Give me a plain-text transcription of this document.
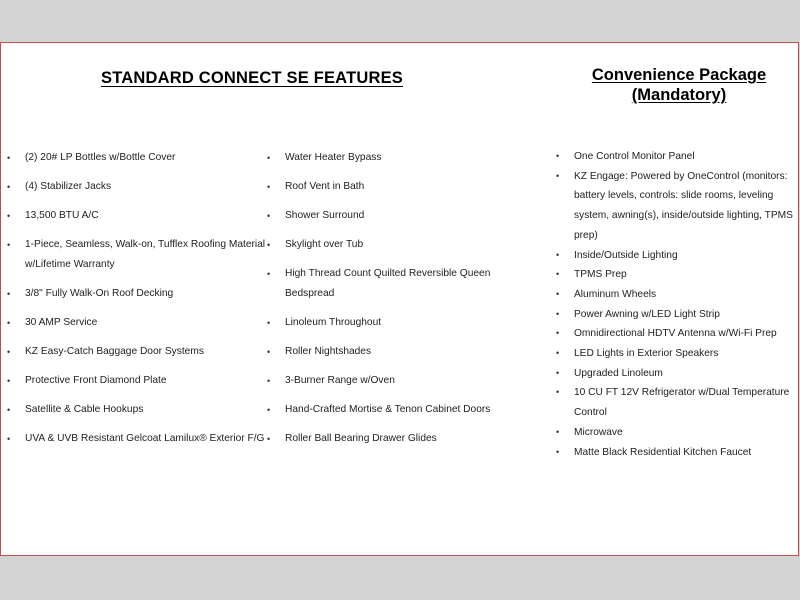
STANDARD CONNECT SE FEATURES	Convenience Package (Mandatory)
• (2) 20# LP Bottles w/Bottle Cover
• (4) Stabilizer Jacks
• 13,500 BTU A/C
• 1-Piece, Seamless, Walk-on, Tufflex Roofing Material w/Lifetime Warranty
• 3/8" Fully Walk-On Roof Decking
• 30 AMP Service
• KZ Easy-Catch Baggage Door Systems
• Protective Front Diamond Plate
• Satellite & Cable Hookups
• UVA & UVB Resistant Gelcoat Lamilux® Exterior F/G
• Water Heater Bypass
• Roof Vent in Bath
• Shower Surround
• Skylight over Tub
• High Thread Count Quilted Reversible Queen Bedspread
• Linoleum Throughout
• Roller Nightshades
• 3-Burner Range w/Oven
• Hand-Crafted Mortise & Tenon Cabinet Doors
• Roller Ball Bearing Drawer Glides
• One Control Monitor Panel
• KZ Engage: Powered by OneControl (monitors: battery levels, controls: slide rooms, leveling system, awning(s), inside/outside lighting, TPMS prep)
• Inside/Outside Lighting
• TPMS Prep
• Aluminum Wheels
• Power Awning w/LED Light Strip
• Omnidirectional HDTV Antenna w/Wi-Fi Prep
• LED Lights in Exterior Speakers
• Upgraded Linoleum
• 10 CU FT 12V Refrigerator w/Dual Temperature Control
• Microwave
• Matte Black Residential Kitchen Faucet
